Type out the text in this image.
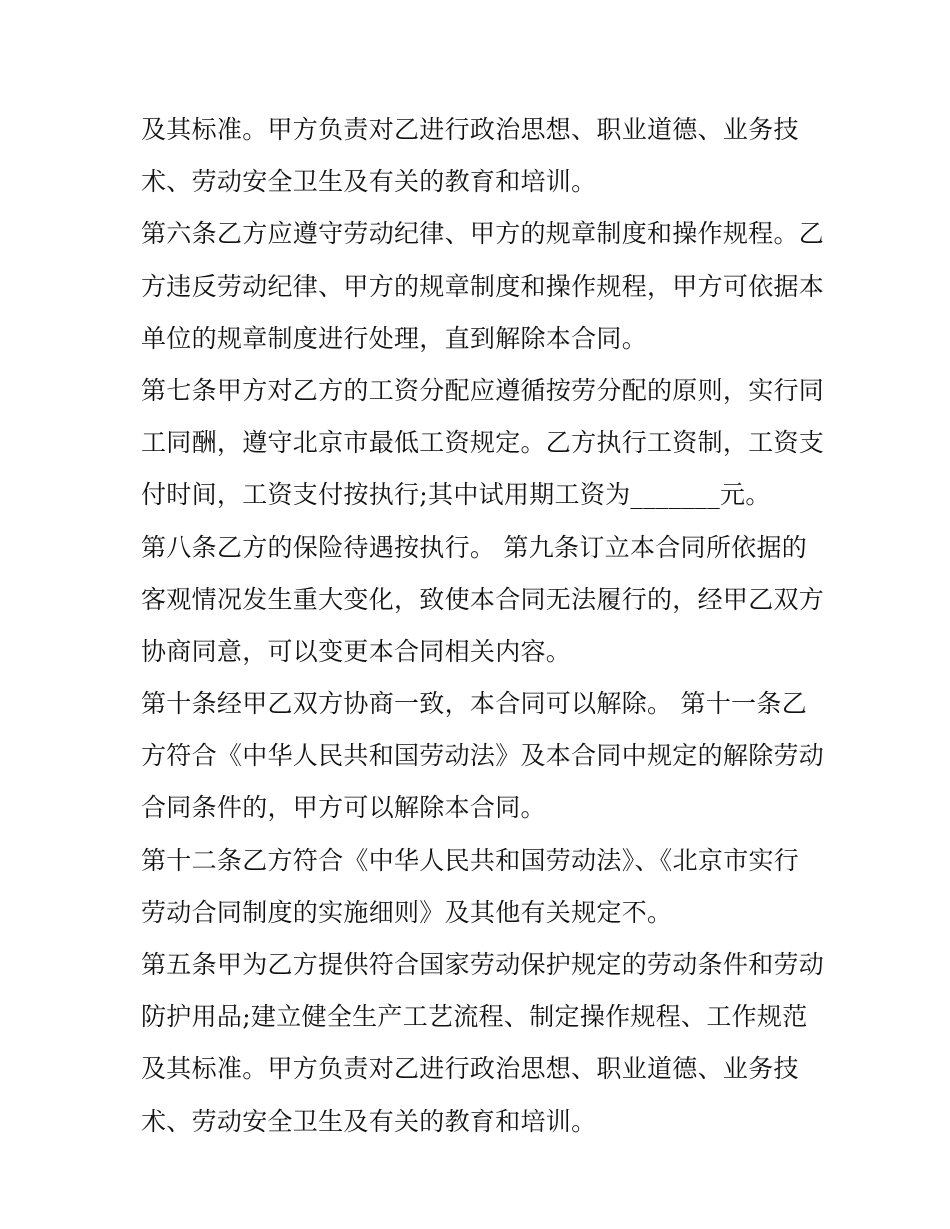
及其标准。甲方负责对乙进行政治思想、职业道德、业务技
术、劳动安全卫生及有关的教育和培训。
第六条乙方应遵守劳动纪律、甲方的规章制度和操作规程。乙
方违反劳动纪律、甲方的规章制度和操作规程，甲方可依据本
单位的规章制度进行处理，直到解除本合同。
第七条甲方对乙方的工资分配应遵循按劳分配的原则，实行同
工同酬，遵守北京市最低工资规定。乙方执行工资制，工资支
付时间，工资支付按执行;其中试用期工资为_______元。
第八条乙方的保险待遇按执行。 第九条订立本合同所依据的
客观情况发生重大变化，致使本合同无法履行的，经甲乙双方
协商同意，可以变更本合同相关内容。
第十条经甲乙双方协商一致，本合同可以解除。 第十一条乙
方符合《中华人民共和国劳动法》及本合同中规定的解除劳动
合同条件的，甲方可以解除本合同。
第十二条乙方符合《中华人民共和国劳动法》、《北京市实行
劳动合同制度的实施细则》及其他有关规定不。
第五条甲为乙方提供符合国家劳动保护规定的劳动条件和劳动
防护用品;建立健全生产工艺流程、制定操作规程、工作规范
及其标准。甲方负责对乙进行政治思想、职业道德、业务技
术、劳动安全卫生及有关的教育和培训。
